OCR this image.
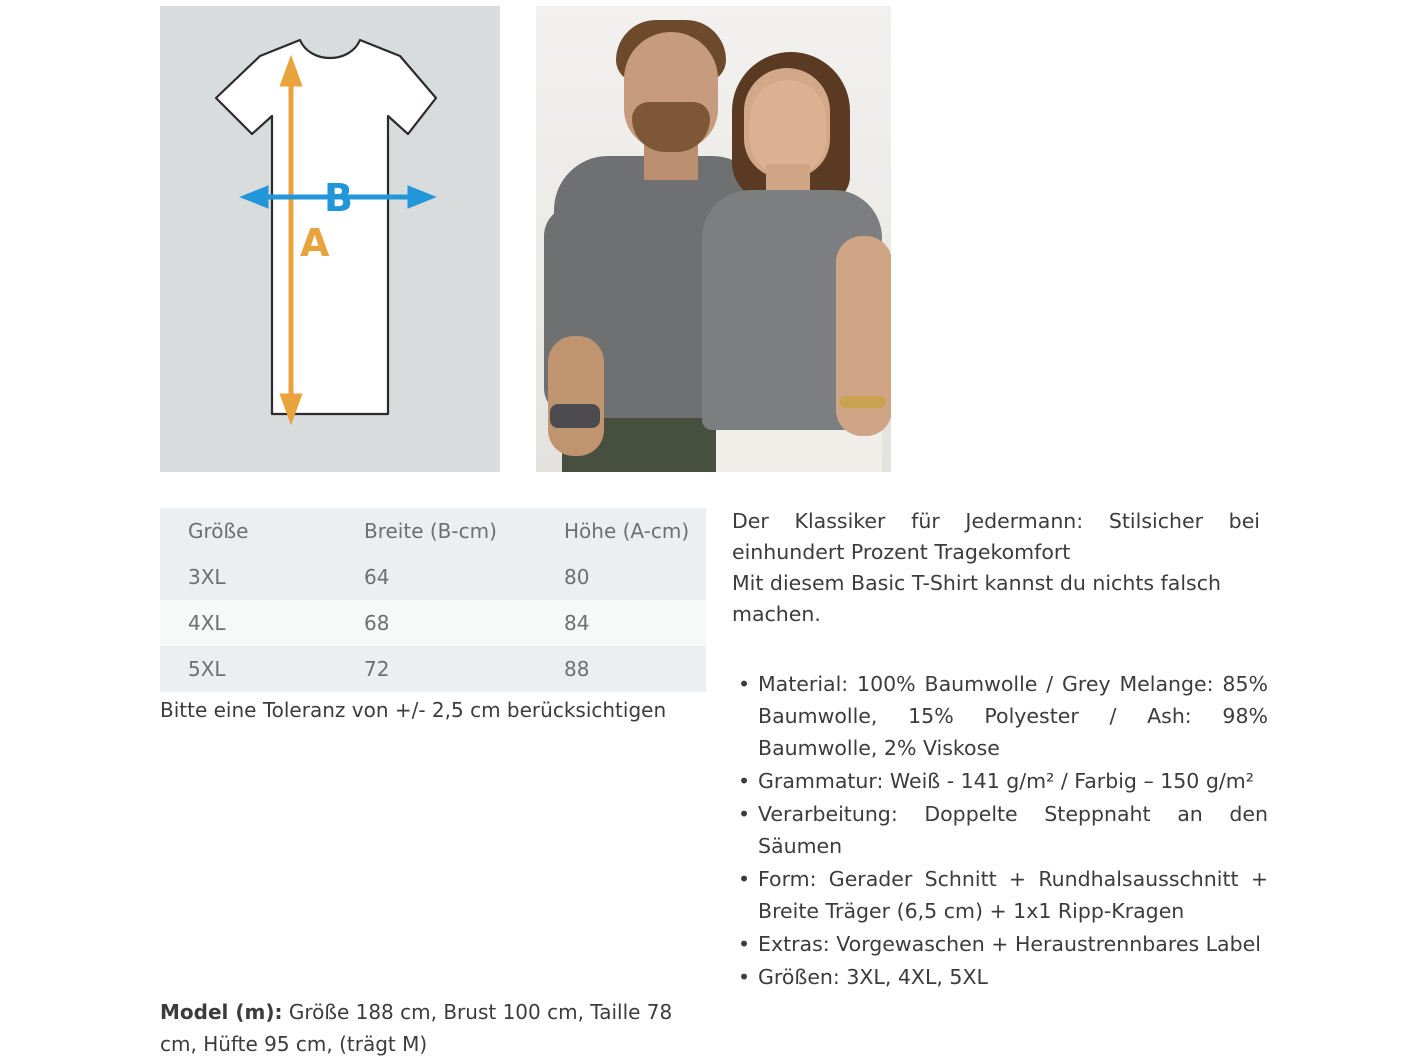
A
B
Größe	Breite (B-cm)	Höhe (A-cm)
3XL	64	80
4XL	68	84
5XL	72	88
Bitte eine Toleranz von +/- 2,5 cm berücksichtigen
Model (m): Größe 188 cm, Brust 100 cm, Taille 78 cm, Hüfte 95 cm, (trägt M)

Der Klassiker für Jedermann: Stilsicher bei einhundert Prozent Tragekomfort

Mit diesem Basic T-Shirt kannst du nichts falsch machen.

• Material: 100% Baumwolle / Grey Melange: 85% Baumwolle, 15% Polyester / Ash: 98% Baumwolle, 2% Viskose
• Grammatur: Weiß - 141 g/m² / Farbig – 150 g/m²
• Verarbeitung: Doppelte Steppnaht an den Säumen
• Form: Gerader Schnitt + Rundhalsausschnitt + Breite Träger (6,5 cm) + 1x1 Ripp-Kragen
• Extras: Vorgewaschen + Heraustrennbares Label
• Größen: 3XL, 4XL, 5XL
